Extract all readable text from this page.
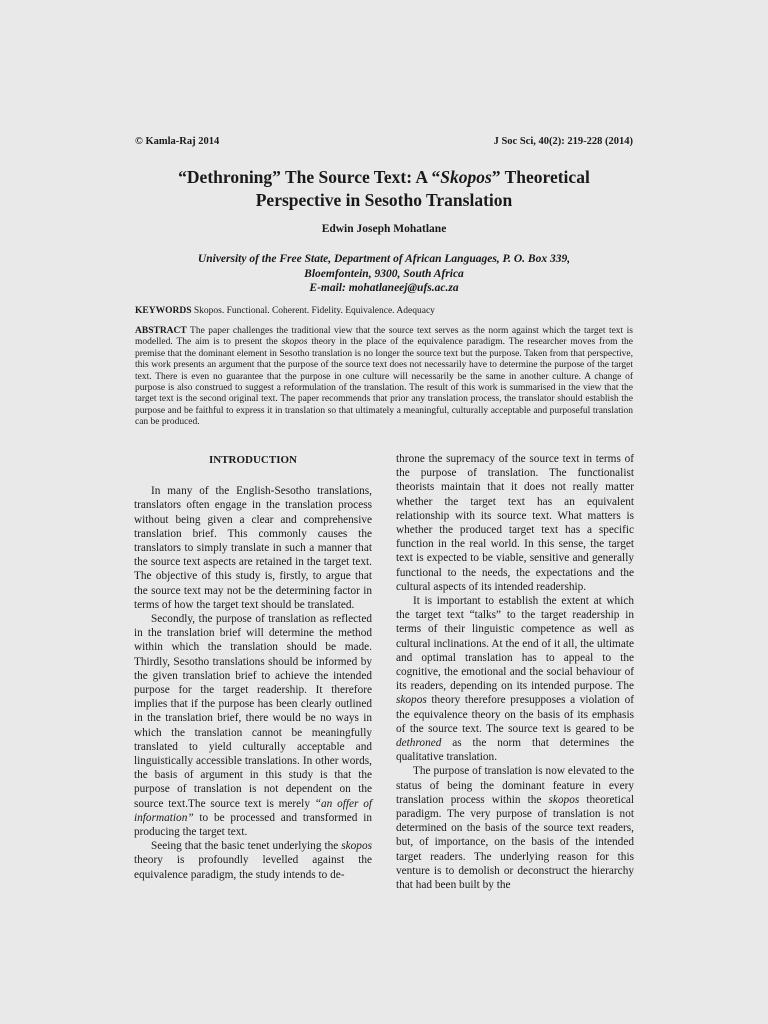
© Kamla-Raj 2014	J Soc Sci, 40(2): 219-228 (2014)
“Dethroning” The Source Text: A “Skopos” Theoretical
Perspective in Sesotho Translation
Edwin Joseph Mohatlane
University of the Free State, Department of African Languages, P. O. Box 339,
Bloemfontein, 9300, South Africa
E-mail: mohatlaneej@ufs.ac.za
KEYWORDS Skopos. Functional. Coherent. Fidelity. Equivalence. Adequacy
ABSTRACT The paper challenges the traditional view that the source text serves as the norm against which the target text is modelled. The aim is to present the skopos theory in the place of the equivalence paradigm. The researcher moves from the premise that the dominant element in Sesotho translation is no longer the source text but the purpose. Taken from that perspective, this work presents an argument that the purpose of the source text does not necessarily have to determine the purpose of the target text. There is even no guarantee that the purpose in one culture will necessarily be the same in another culture. A change of purpose is also construed to suggest a reformulation of the translation. The result of this work is summarised in the view that the target text is the second original text. The paper recommends that prior any translation process, the translator should establish the purpose and be faithful to express it in translation so that ultimately a meaningful, culturally acceptable and purposeful translation can be produced.
INTRODUCTION

In many of the English-Sesotho translations, translators often engage in the translation process without being given a clear and comprehensive translation brief. This commonly causes the translators to simply translate in such a manner that the source text aspects are retained in the target text. The objective of this study is, firstly, to argue that the source text may not be the determining factor in terms of how the target text should be translated.

Secondly, the purpose of translation as reflected in the translation brief will determine the method within which the translation should be made. Thirdly, Sesotho translations should be informed by the given translation brief to achieve the intended purpose for the target readership. It therefore implies that if the purpose has been clearly outlined in the translation brief, there would be no ways in which the translation cannot be meaningfully translated to yield culturally acceptable and linguistically accessible translations. In other words, the basis of argument in this study is that the purpose of translation is not dependent on the source text.The source text is merely “an offer of information” to be processed and transformed in producing the target text.

Seeing that the basic tenet underlying the skopos theory is profoundly levelled against the equivalence paradigm, the study intends to de-

throne the supremacy of the source text in terms of the purpose of translation. The functionalist theorists maintain that it does not really matter whether the target text has an equivalent relationship with its source text. What matters is whether the produced target text has a specific function in the real world. In this sense, the target text is expected to be viable, sensitive and generally functional to the needs, the expectations and the cultural aspects of its intended readership.

It is important to establish the extent at which the target text “talks” to the target readership in terms of their linguistic competence as well as cultural inclinations. At the end of it all, the ultimate and optimal translation has to appeal to the cognitive, the emotional and the social behaviour of its readers, depending on its intended purpose. The skopos theory therefore presupposes a violation of the equivalence theory on the basis of its emphasis of the source text. The source text is geared to be dethroned as the norm that determines the qualitative translation.

The purpose of translation is now elevated to the status of being the dominant feature in every translation process within the skopos theoretical paradigm. The very purpose of translation is not determined on the basis of the source text readers, but, of importance, on the basis of the intended target readers. The underlying reason for this venture is to demolish or deconstruct the hierarchy that had been built by the
